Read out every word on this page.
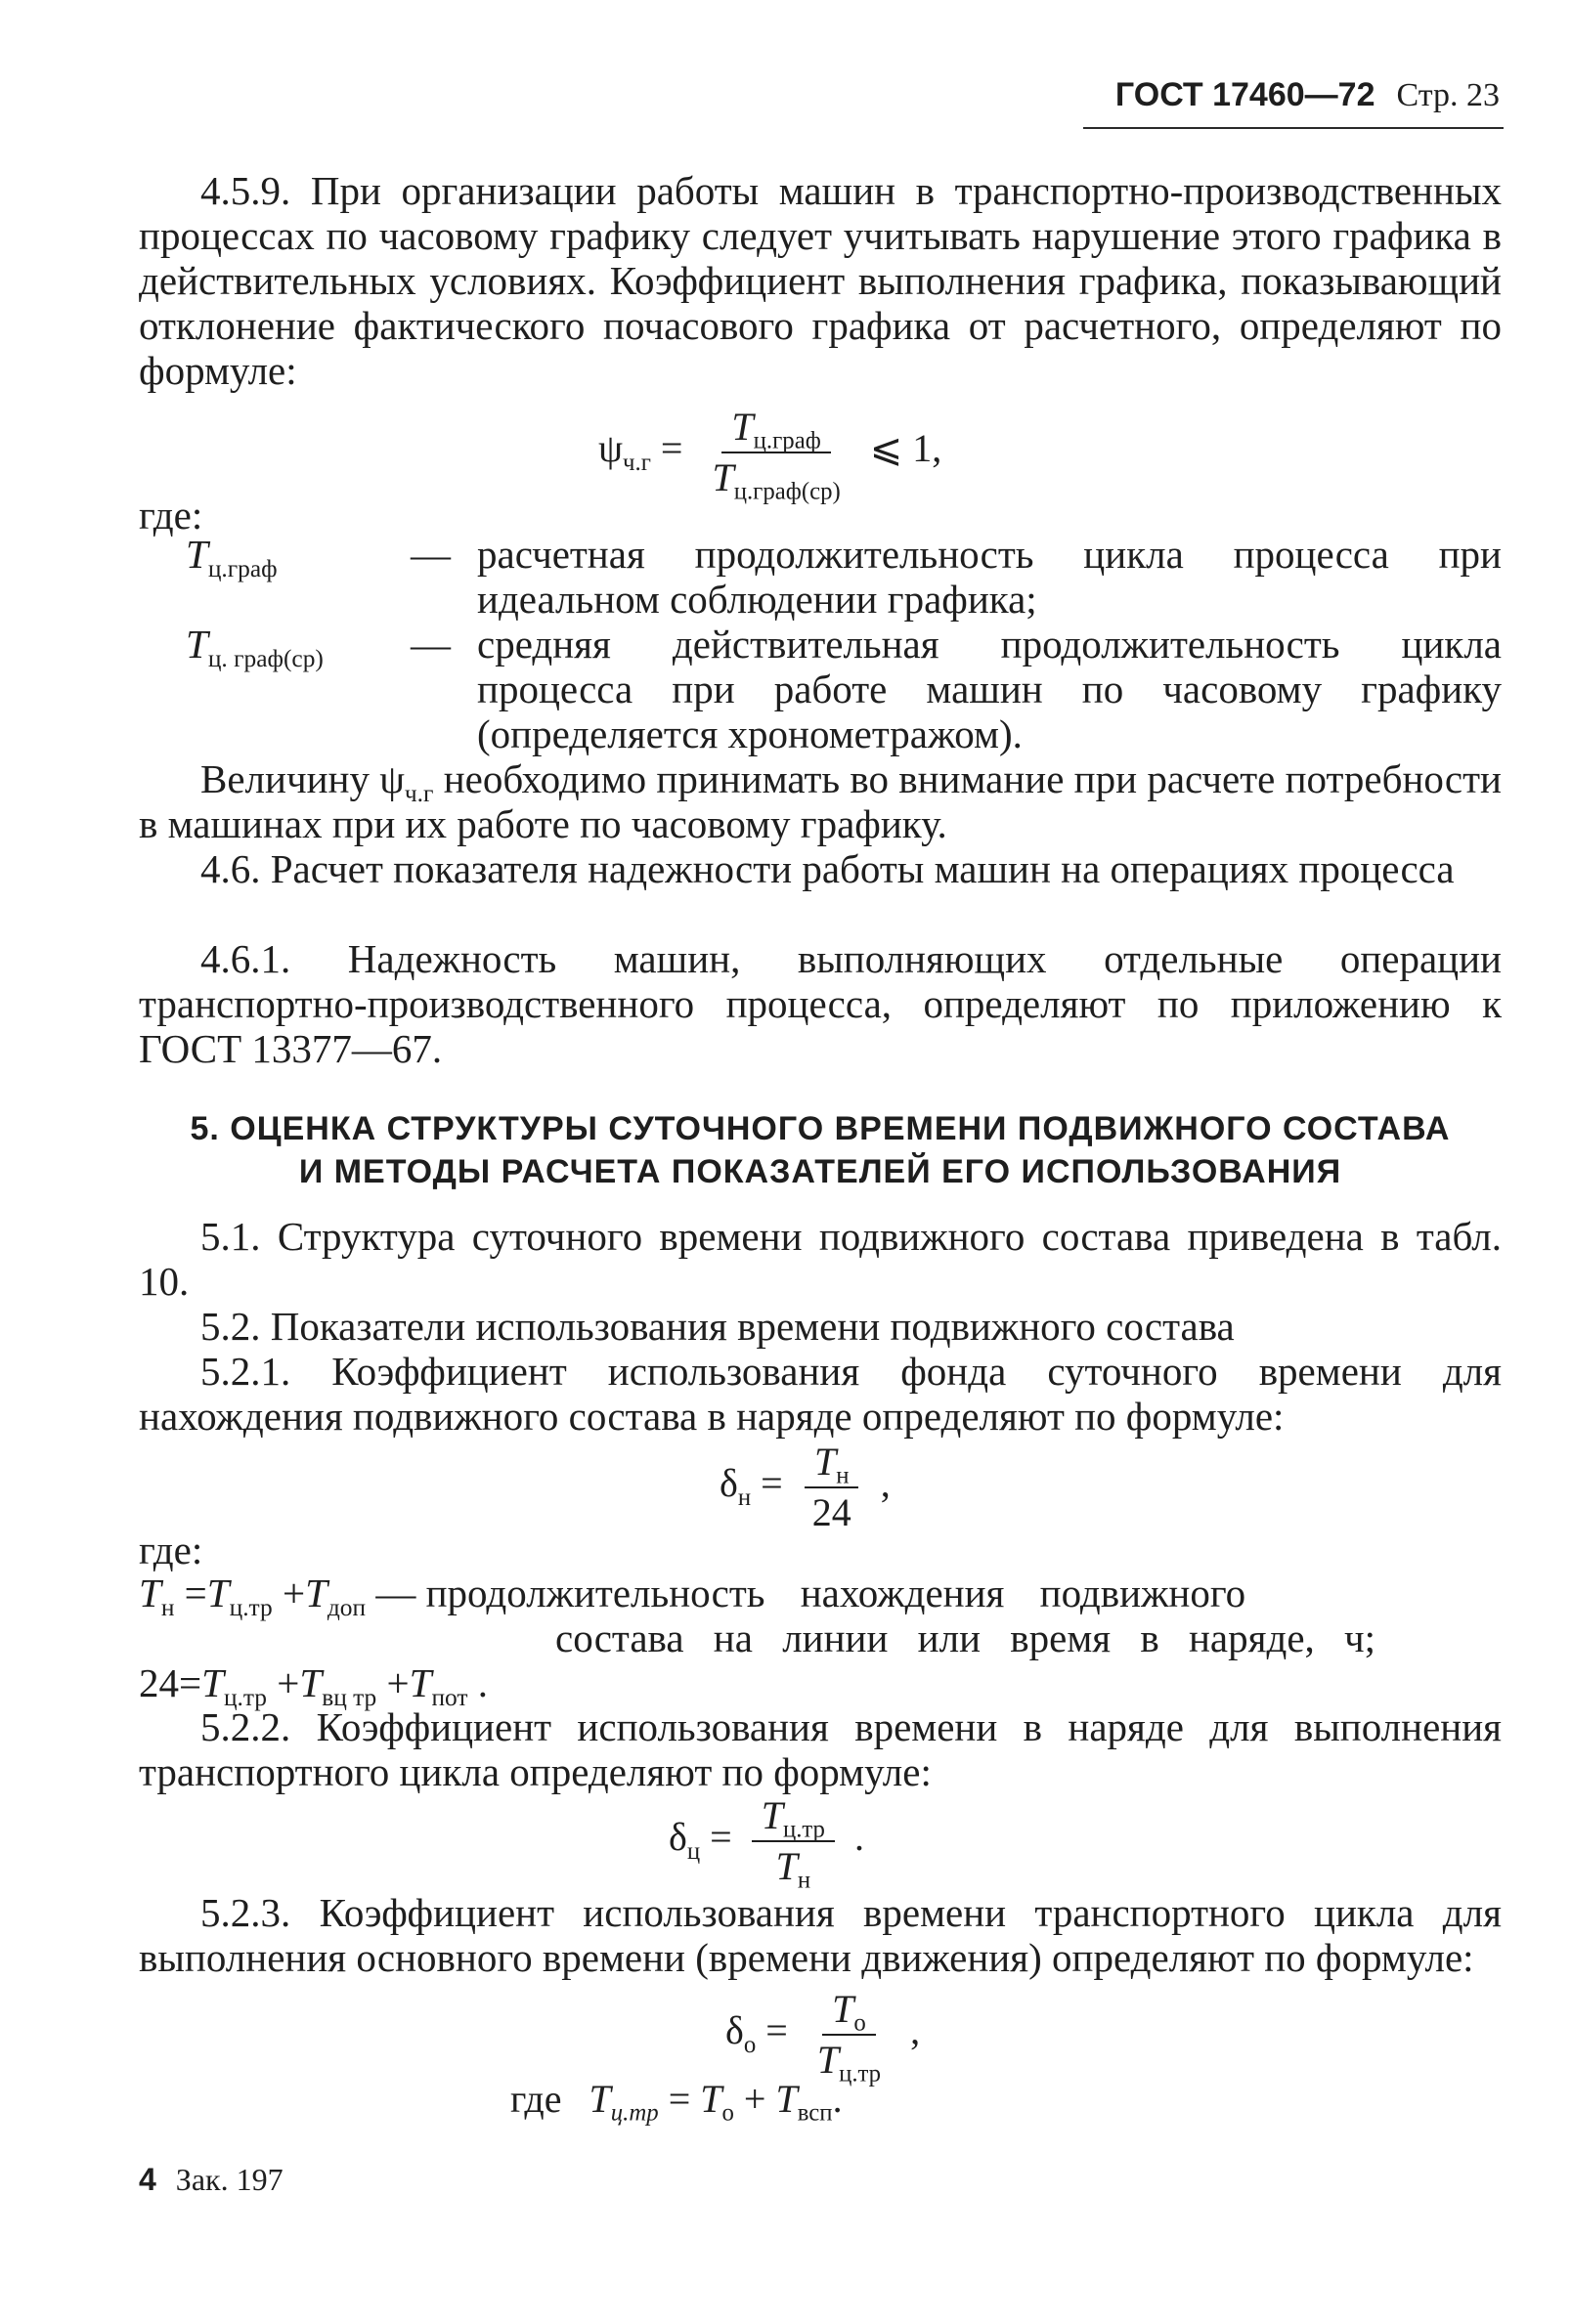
ГОСТ 17460—72 Стр. 23

4.5.9. При организации работы машин в транспортно-производственных процессах по часовому графику следует учитывать нарушение этого графика в действительных условиях. Коэффициент выполнения графика, показывающий отклонение фактического почасового графика от расчетного, определяют по формуле:

$\psi_{ч.г} = \frac{T_{ц.граф}}{T_{ц.граф(ср)}}$ ⩽ 1,
где:
$T_{ц.граф}$	— расчетная продолжительность цикла процесса при идеальном соблюдении графика;
$T_{ц. граф(ср)}$	— средняя действительная продолжительность цикла процесса при работе машин по часовому графику (определяется хронометражом).

Величину $\psi_{ч.г}$ необходимо принимать во внимание при расчете потребности в машинах при их работе по часовому графику.

4.6. Расчет показателя надежности работы машин на операциях процесса

4.6.1. Надежность машин, выполняющих отдельные операции транспортно-производственного процесса, определяют по приложению к ГОСТ 13377—67.

5. ОЦЕНКА СТРУКТУРЫ СУТОЧНОГО ВРЕМЕНИ ПОДВИЖНОГО СОСТАВА
И МЕТОДЫ РАСЧЕТА ПОКАЗАТЕЛЕЙ ЕГО ИСПОЛЬЗОВАНИЯ

5.1. Структура суточного времени подвижного состава приведена в табл. 10.

5.2. Показатели использования времени подвижного состава

5.2.1. Коэффициент использования фонда суточного времени для нахождения подвижного состава в наряде определяют по формуле:

$\delta_н = \frac{T_н}{24}$ ,
где:
$T_н =T_{ц.тр} +T_{доп}$ — продолжительность нахождения подвижного
состава на линии или время в наряде, ч;
$24=T_{ц.тр} +T_{вц тр} +T_{пот}$ .

5.2.2. Коэффициент использования времени в наряде для выполнения транспортного цикла определяют по формуле:

$\delta_ц = \frac{T_{ц.тр}}{T_н}$ .

5.2.3. Коэффициент использования времени транспортного цикла для выполнения основного времени (времени движения) определяют по формуле:

$\delta_о = \frac{T_о}{T_{ц.тр}}$ ,
где $T_{ц.тр} = T_о + T_{всп}$.
4 Зак. 197
